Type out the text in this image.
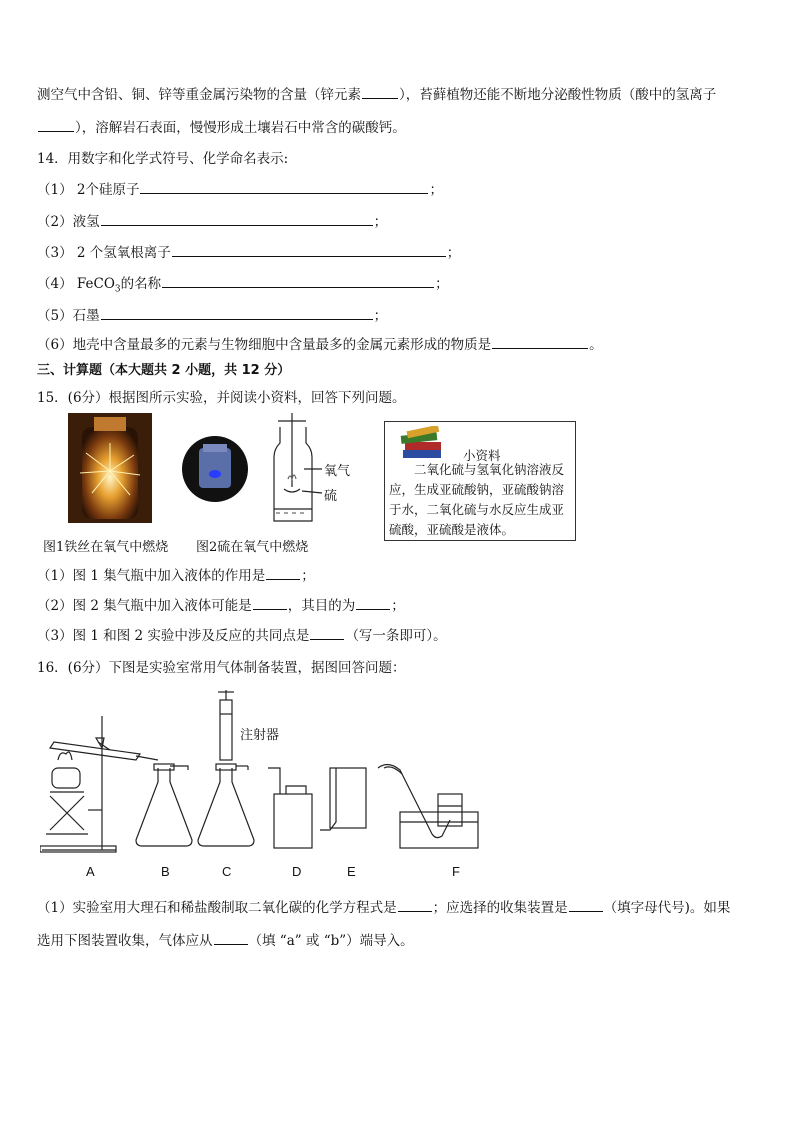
测空气中含铅、铜、锌等重金属污染物的含量（锌元素	），苔藓植物还能不断地分泌酸性物质（酸中的氢离子
），溶解岩石表面，慢慢形成土壤岩石中常含的碳酸钙。
14．用数字和化学式符号、化学命名表示:
（1） 2个硅原子	；
（2）液氢	；
（3） 2 个氢氧根离子	；
（4） FeCO$_3$的名称	；
（5）石墨	；
（6）地壳中含量最多的元素与生物细胞中含量最多的金属元素形成的物质是	。
三、计算题（本大题共 2 小题，共 12 分）
15．(6分）根据图所示实验，并阅读小资料，回答下列问题。
氧气
硫
小资料
　　二氧化硫与氢氧化钠溶液反应，生成亚硫酸钠，亚硫酸钠溶于水，二氧化硫与水反应生成亚硫酸，亚硫酸是液体。
图1铁丝在氧气中燃烧 图2硫在氧气中燃烧
（1）图 1 集气瓶中加入液体的作用是	；
（2）图 2 集气瓶中加入液体可能是	，其目的为	；
（3）图 1 和图 2 实验中涉及反应的共同点是	（写一条即可）。
16．(6分）下图是实验室常用气体制备装置，据图回答问题：
注射器
A	B	C	D	E	F
（1）实验室用大理石和稀盐酸制取二氧化碳的化学方程式是	；应选择的收集装置是	（填字母代号)。如果
选用下图装置收集，气体应从	（填 “a” 或 “b”）端导入。
